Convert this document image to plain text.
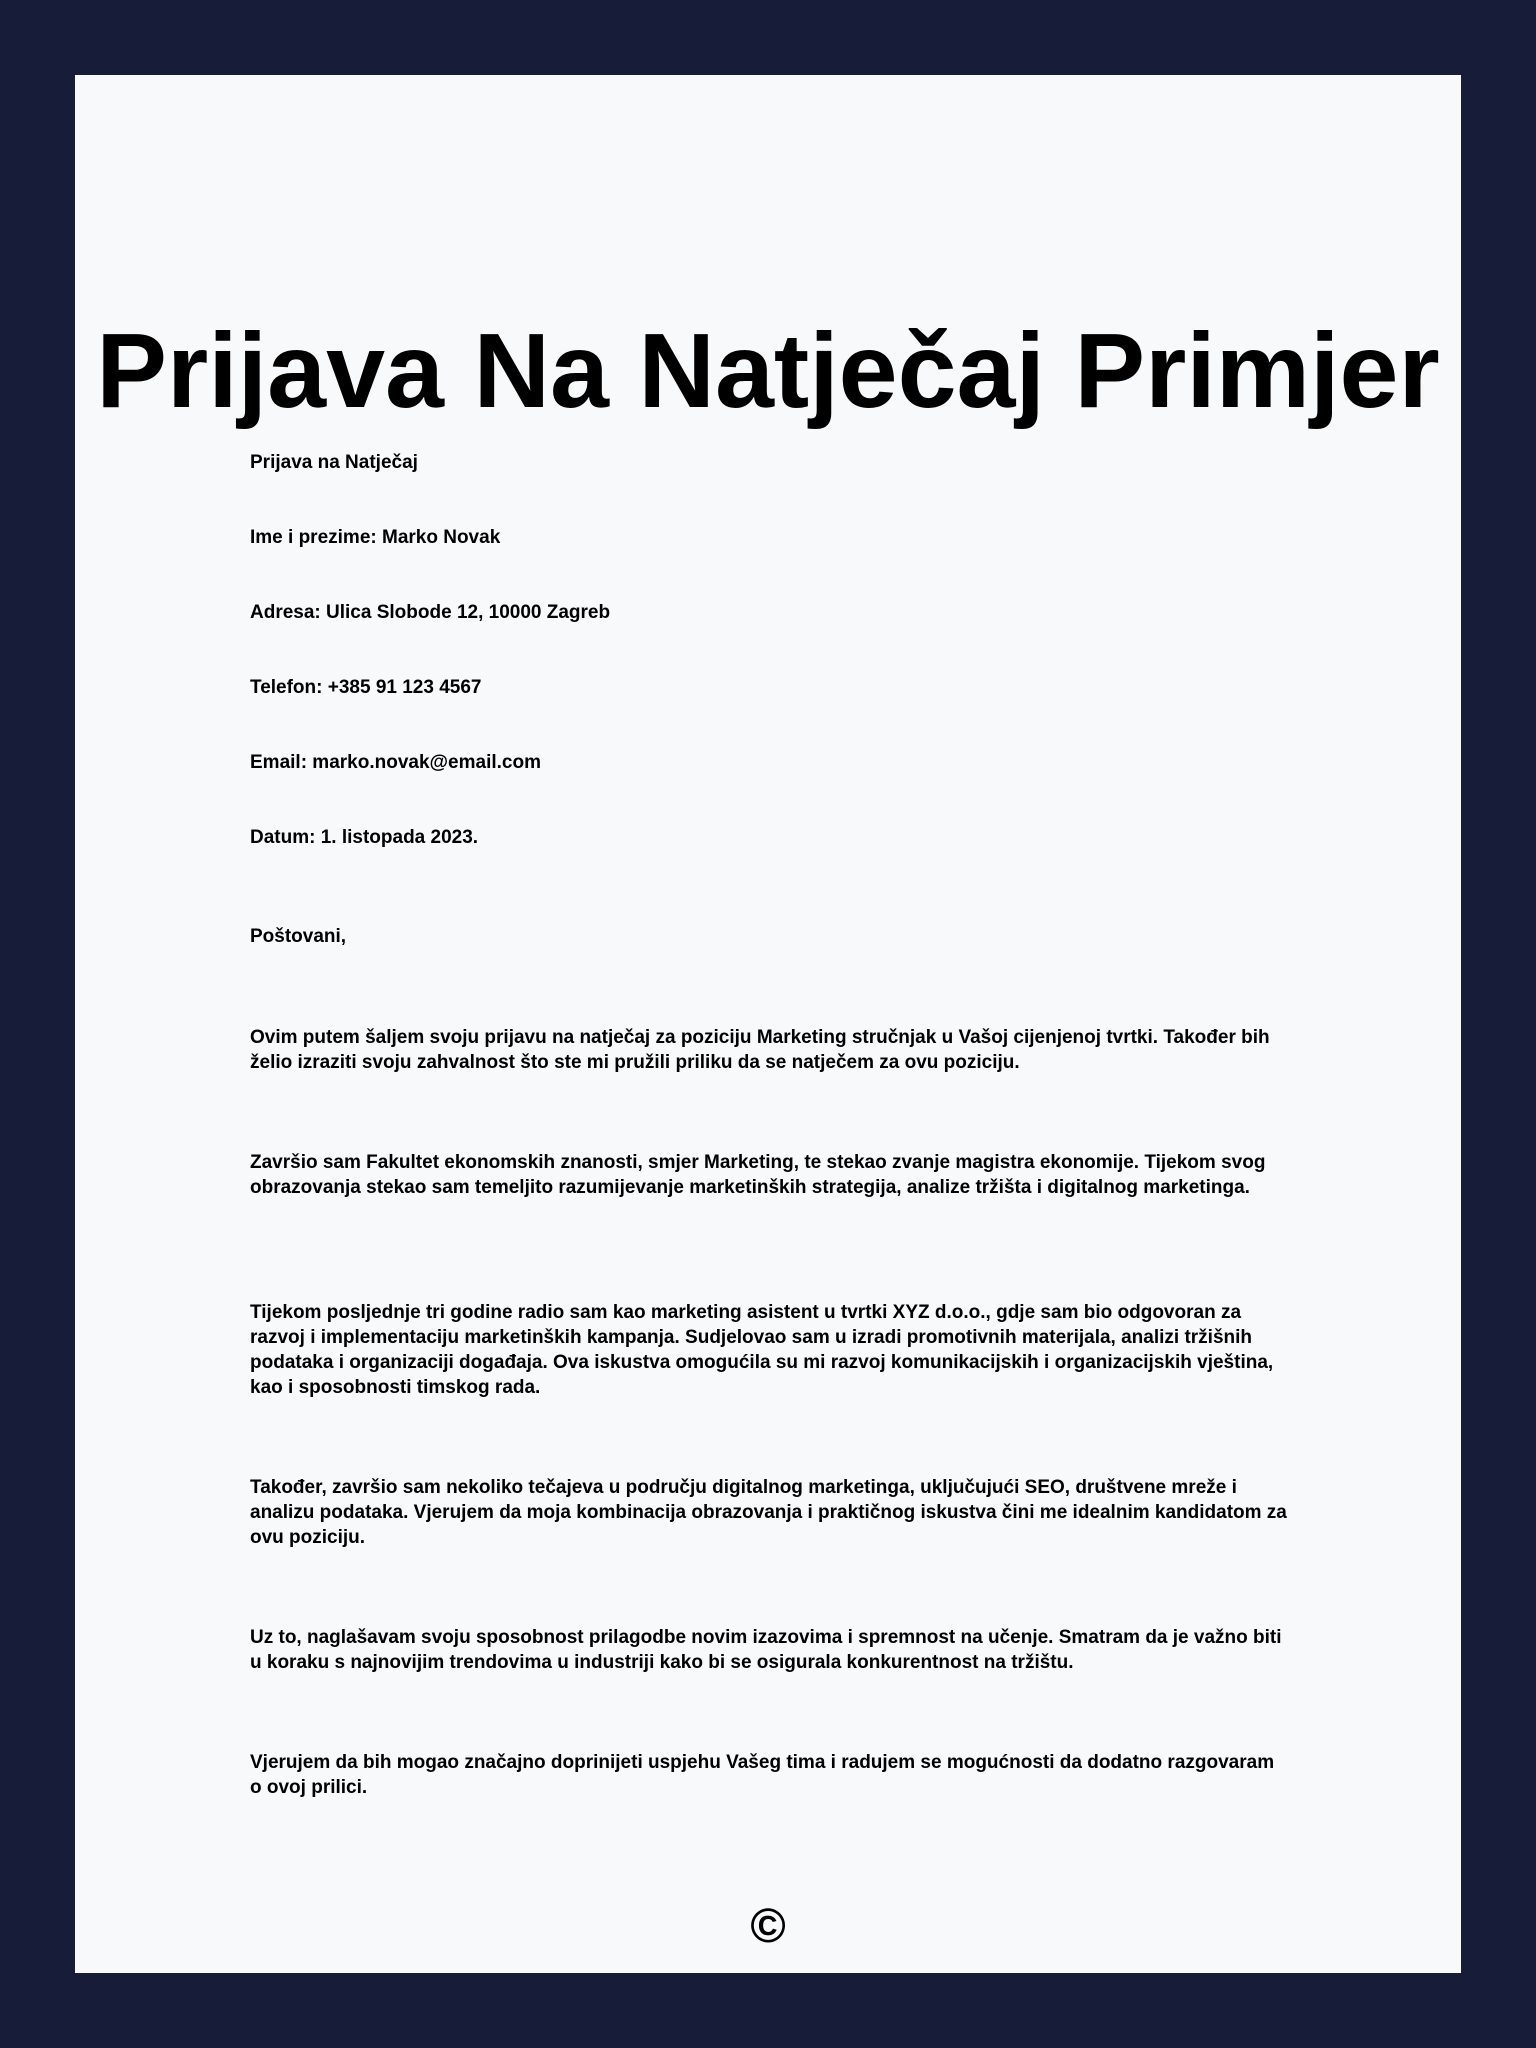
Prijava Na Natječaj Primjer

Prijava na Natječaj

Ime i prezime: Marko Novak

Adresa: Ulica Slobode 12, 10000 Zagreb

Telefon: +385 91 123 4567

Email: marko.novak@email.com

Datum: 1. listopada 2023.

Poštovani,

Ovim putem šaljem svoju prijavu na natječaj za poziciju Marketing stručnjak u Vašoj cijenjenoj tvrtki. Također bih želio izraziti svoju zahvalnost što ste mi pružili priliku da se natječem za ovu poziciju.

Završio sam Fakultet ekonomskih znanosti, smjer Marketing, te stekao zvanje magistra ekonomije. Tijekom svog obrazovanja stekao sam temeljito razumijevanje marketinških strategija, analize tržišta i digitalnog marketinga.

Tijekom posljednje tri godine radio sam kao marketing asistent u tvrtki XYZ d.o.o., gdje sam bio odgovoran za razvoj i implementaciju marketinških kampanja. Sudjelovao sam u izradi promotivnih materijala, analizi tržišnih podataka i organizaciji događaja. Ova iskustva omogućila su mi razvoj komunikacijskih i organizacijskih vještina, kao i sposobnosti timskog rada.

Također, završio sam nekoliko tečajeva u području digitalnog marketinga, uključujući SEO, društvene mreže i analizu podataka. Vjerujem da moja kombinacija obrazovanja i praktičnog iskustva čini me idealnim kandidatom za ovu poziciju.

Uz to, naglašavam svoju sposobnost prilagodbe novim izazovima i spremnost na učenje. Smatram da je važno biti u koraku s najnovijim trendovima u industriji kako bi se osigurala konkurentnost na tržištu.

Vjerujem da bih mogao značajno doprinijeti uspjehu Vašeg tima i radujem se mogućnosti da dodatno razgovaram o ovoj prilici.

©
